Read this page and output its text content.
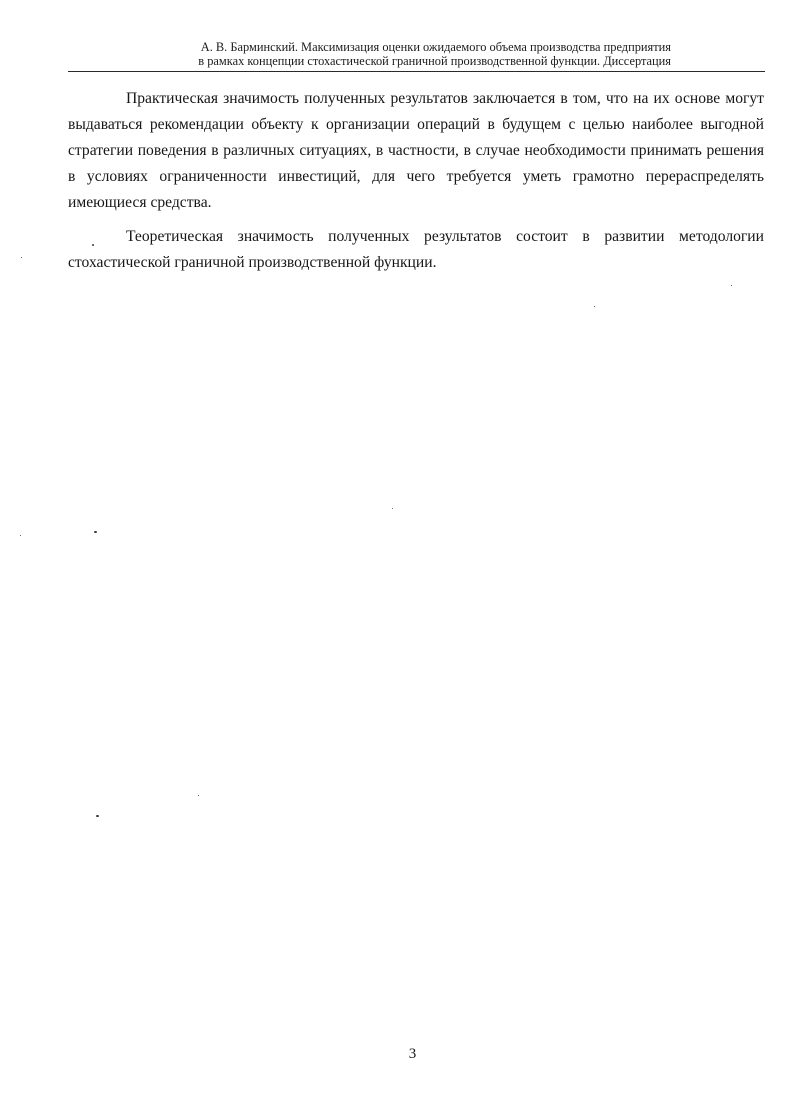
А. В. Барминский. Максимизация оценки ожидаемого объема производства предприятия
в рамках концепции стохастической граничной производственной функции. Диссертация

Практическая значимость полученных результатов заключается в том, что на их основе могут выдаваться рекомендации объекту к организации операций в будущем с целью наиболее выгодной стратегии поведения в различных ситуациях, в частности, в случае необходимости принимать решения в условиях ограниченности инвестиций, для чего требуется уметь грамотно перераспределять имеющиеся средства.

Теоретическая значимость полученных результатов состоит в развитии методологии стохастической граничной производственной функции.

3
